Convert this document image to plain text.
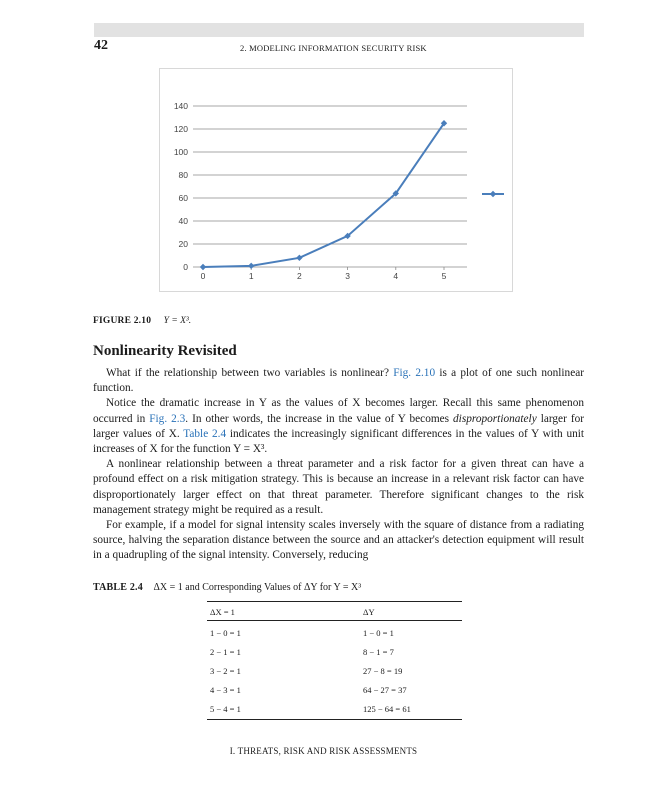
42	2. MODELING INFORMATION SECURITY RISK
0
20
40
60
80
100
120
140
0	1	2	3	4	5
FIGURE 2.10 Y = X³.
Nonlinearity Revisited

What if the relationship between two variables is nonlinear? Fig. 2.10 is a plot of one such nonlinear function.

Notice the dramatic increase in Y as the values of X becomes larger. Recall this same phenomenon occurred in Fig. 2.3. In other words, the increase in the value of Y becomes disproportionately larger for larger values of X. Table 2.4 indicates the increasingly significant differences in the values of Y with unit increases of X for the function Y = X³.

A nonlinear relationship between a threat parameter and a risk factor for a given threat can have a profound effect on a risk mitigation strategy. This is because an increase in a relevant risk factor can have disproportionately larger effect on that threat parameter. Therefore significant changes to the risk management strategy might be required as a result.

For example, if a model for signal intensity scales inversely with the square of distance from a radiating source, halving the separation distance between the source and an attacker's detection equipment will result in a quadrupling of the signal intensity. Conversely, reducing

TABLE 2.4 ΔX = 1 and Corresponding Values of ΔY for Y = X³
ΔX = 1	ΔY
1 − 0 = 1	1 − 0 = 1
2 − 1 = 1	8 − 1 = 7
3 − 2 = 1	27 − 8 = 19
4 − 3 = 1	64 − 27 = 37
5 − 4 = 1	125 − 64 = 61
I. THREATS, RISK AND RISK ASSESSMENTS
